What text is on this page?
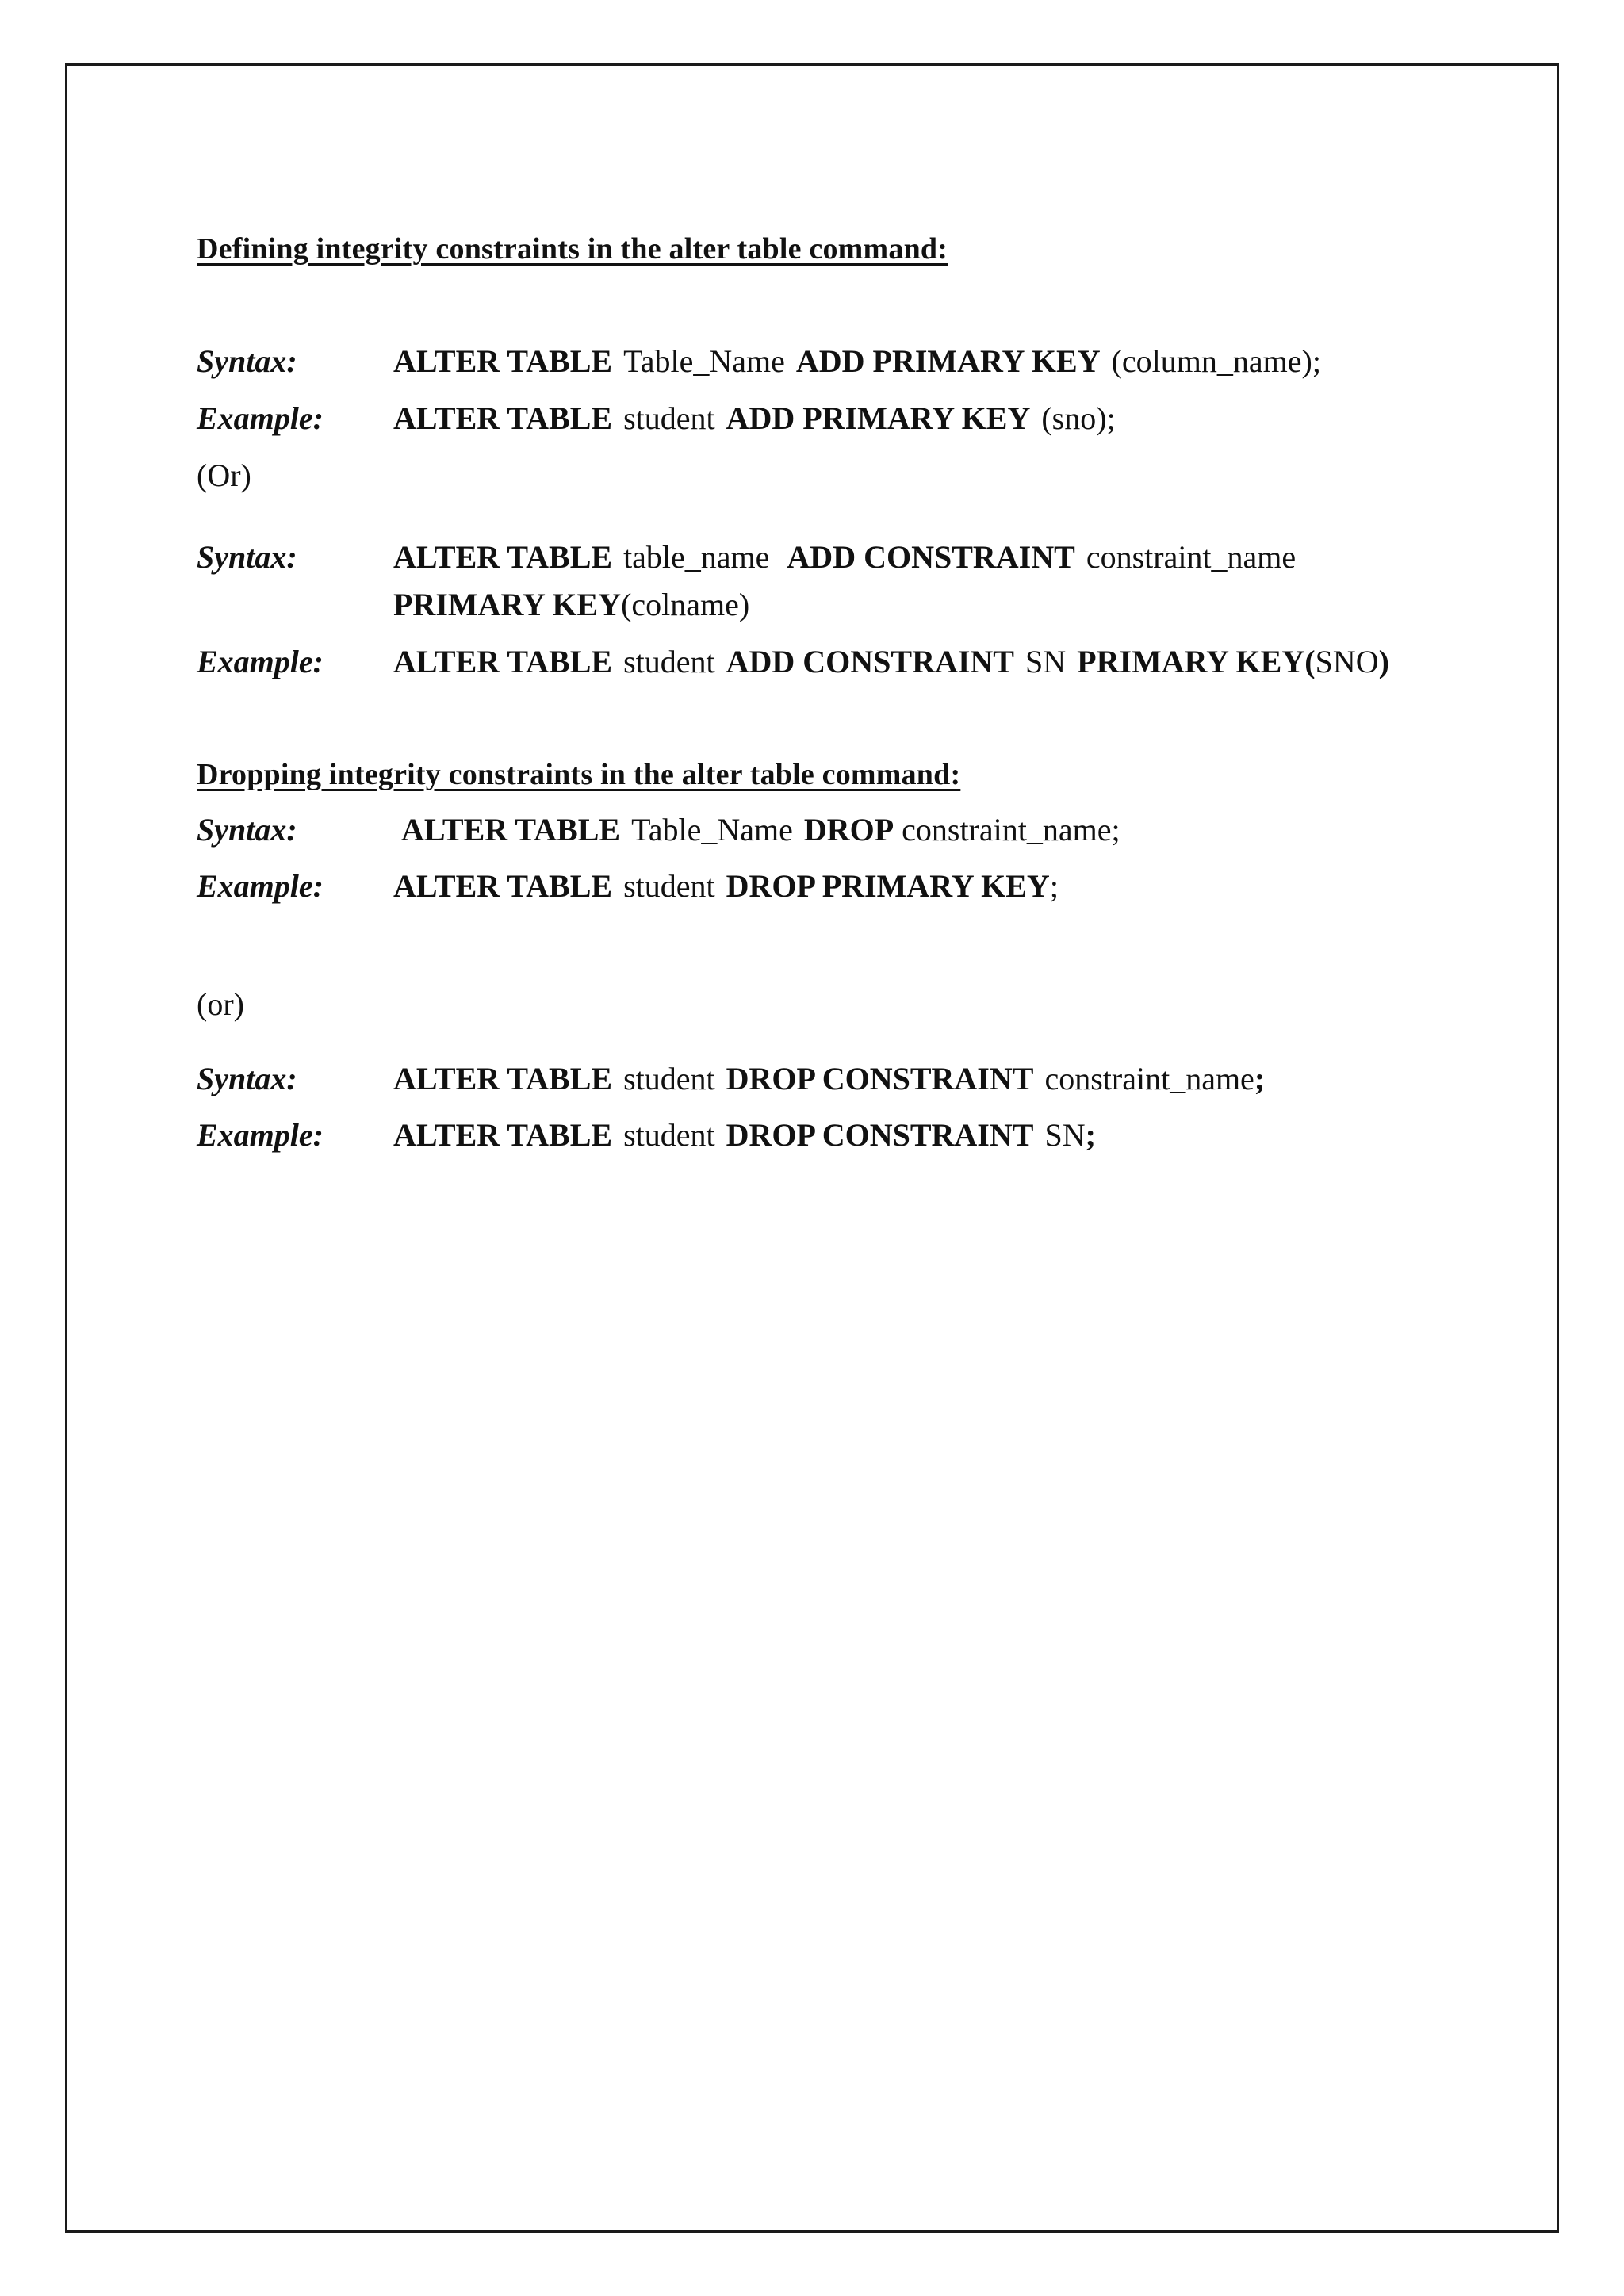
Defining integrity constraints in the alter table command:
Syntax:	ALTER TABLE Table_Name ADD PRIMARY KEY (column_name);
Example: ALTER TABLE student ADD PRIMARY KEY (sno);
(Or)
Syntax:	ALTER TABLE table_name ADD CONSTRAINT constraint_name
PRIMARY KEY(colname)
Example: ALTER TABLE student ADD CONSTRAINT SN PRIMARY KEY(SNO)
Dropping integrity constraints in the alter table command:
Syntax:	ALTER TABLE Table_Name DROP constraint_name;
Example: ALTER TABLE student DROP PRIMARY KEY;
(or)
Syntax:	ALTER TABLE student DROP CONSTRAINT constraint_name;
Example: ALTER TABLE student DROP CONSTRAINT SN;
